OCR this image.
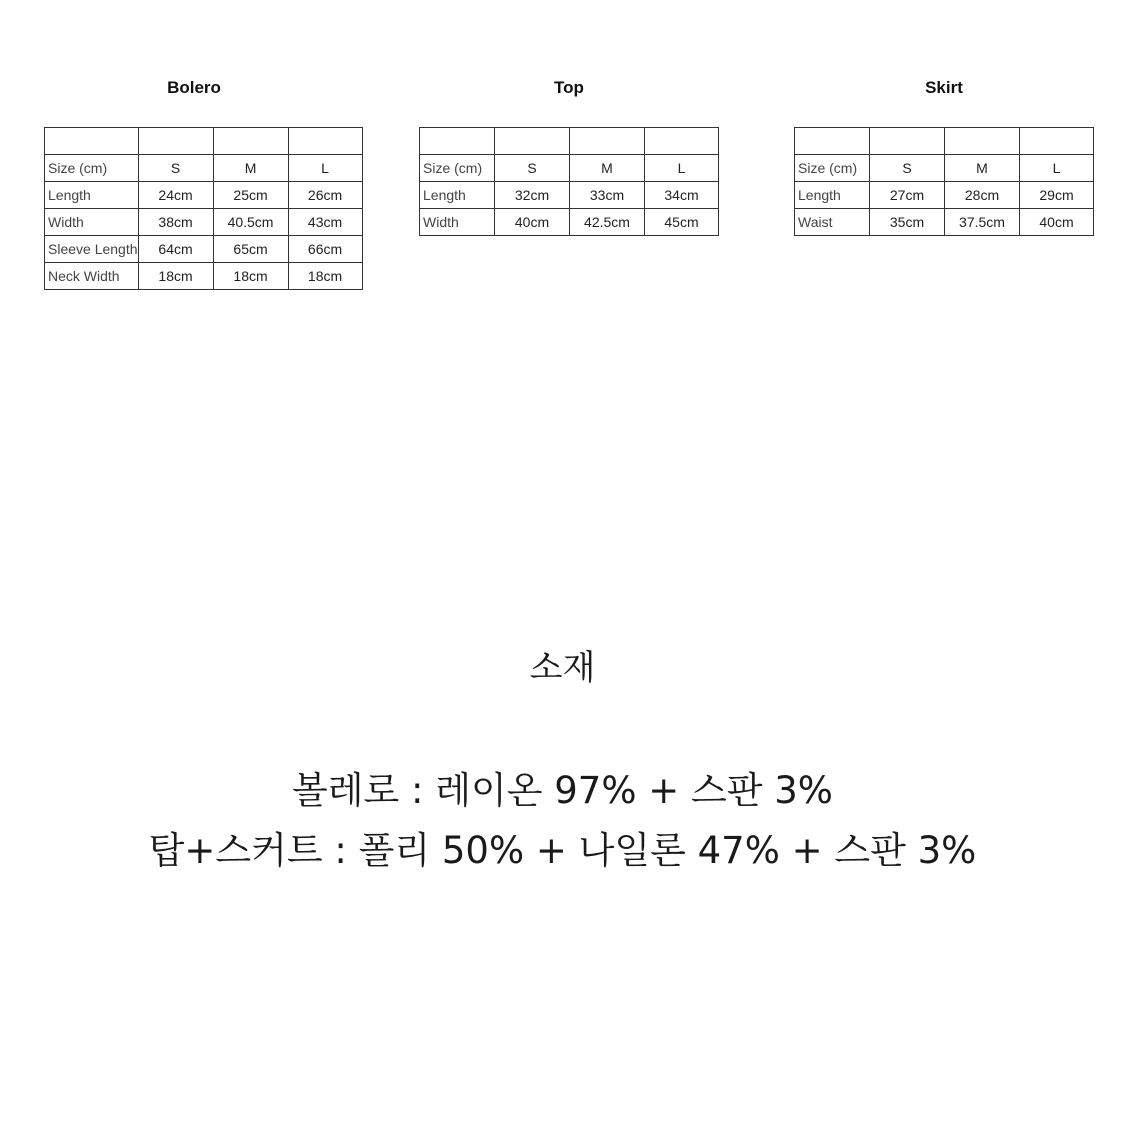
Bolero

Size (cm)	S	M	L
Length	24cm	25cm	26cm
Width	38cm	40.5cm	43cm
Sleeve Length	64cm	65cm	66cm
Neck Width	18cm	18cm	18cm
Top

Size (cm)	S	M	L
Length	32cm	33cm	34cm
Width	40cm	42.5cm	45cm
Skirt

Size (cm)	S	M	L
Length	27cm	28cm	29cm
Waist	35cm	37.5cm	40cm
소재
볼레로 : 레이온 97% + 스판 3%
탑+스커트 : 폴리 50% + 나일론 47% + 스판 3%
